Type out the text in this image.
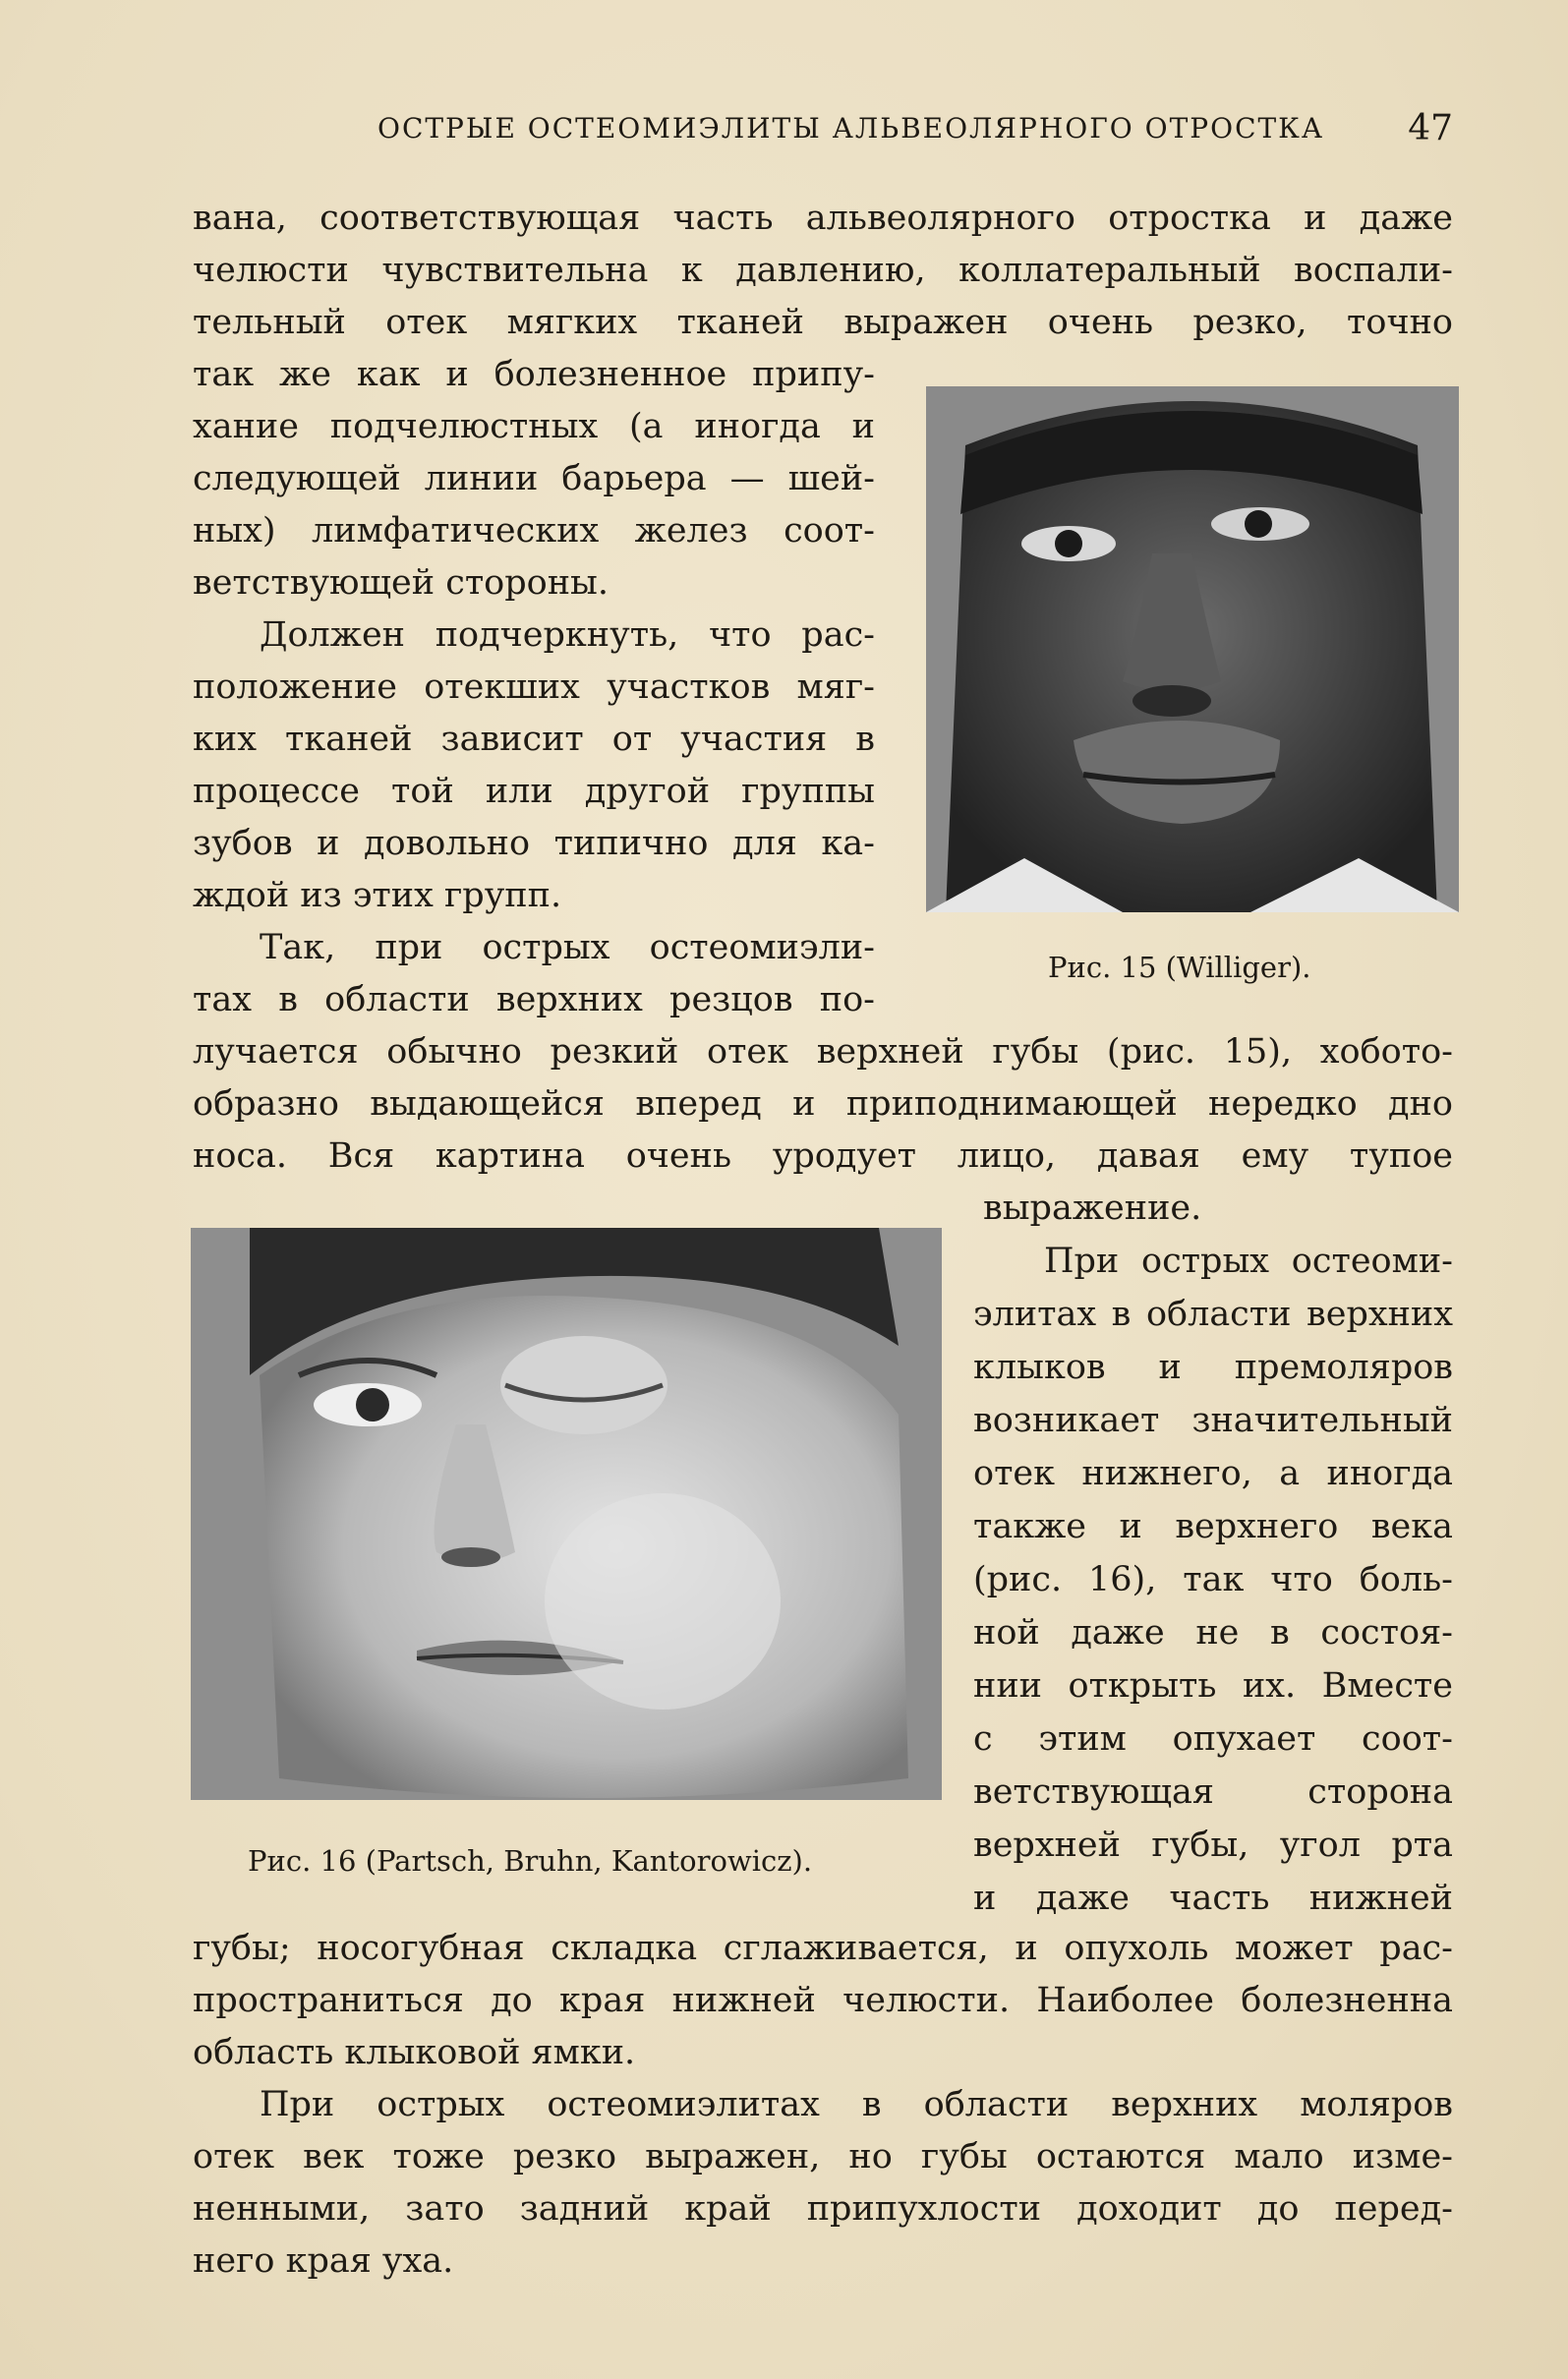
ОСТРЫЕ ОСТЕОМИЭЛИТЫ АЛЬВЕОЛЯРНОГО ОТРОСТКА 47
вана, соответствующая часть альвеолярного отростка и даже
челюсти чувствительна к давлению, коллатеральный воспали-
тельный отек мягких тканей выражен очень резко, точно
так же как и болезненное припу-
хание подчелюстных (а иногда и
следующей линии барьера — шей-
ных) лимфатических желез соот-
ветствующей стороны.
Должен подчеркнуть, что рас-
положение отекших участков мяг-
ких тканей зависит от участия в
процессе той или другой группы
зубов и довольно типично для ка-
ждой из этих групп.
Так, при острых остеомиэли-
тах в области верхних резцов по-
лучается обычно резкий отек верхней губы (рис. 15), хобото-
образно выдающейся вперед и приподнимающей нередко дно
носа. Вся картина очень уродует лицо, давая ему тупое
выражение.
При острых остеоми-
элитах в области верхних
клыков и премоляров
возникает значительный
отек нижнего, а иногда
также и верхнего века
(рис. 16), так что боль-
ной даже не в состоя-
нии открыть их. Вместе
с этим опухает соот-
ветствующая сторона
верхней губы, угол рта
и даже часть нижней
губы; носогубная складка сглаживается, и опухоль может рас-
пространиться до края нижней челюсти. Наиболее болезненна
область клыковой ямки.
При острых остеомиэлитах в области верхних моляров
отек век тоже резко выражен, но губы остаются мало изме-
ненными, зато задний край припухлости доходит до перед-
него края уха.
Рис. 15 (Williger).
Рис. 16 (Partsch, Bruhn, Kantorowicz).
